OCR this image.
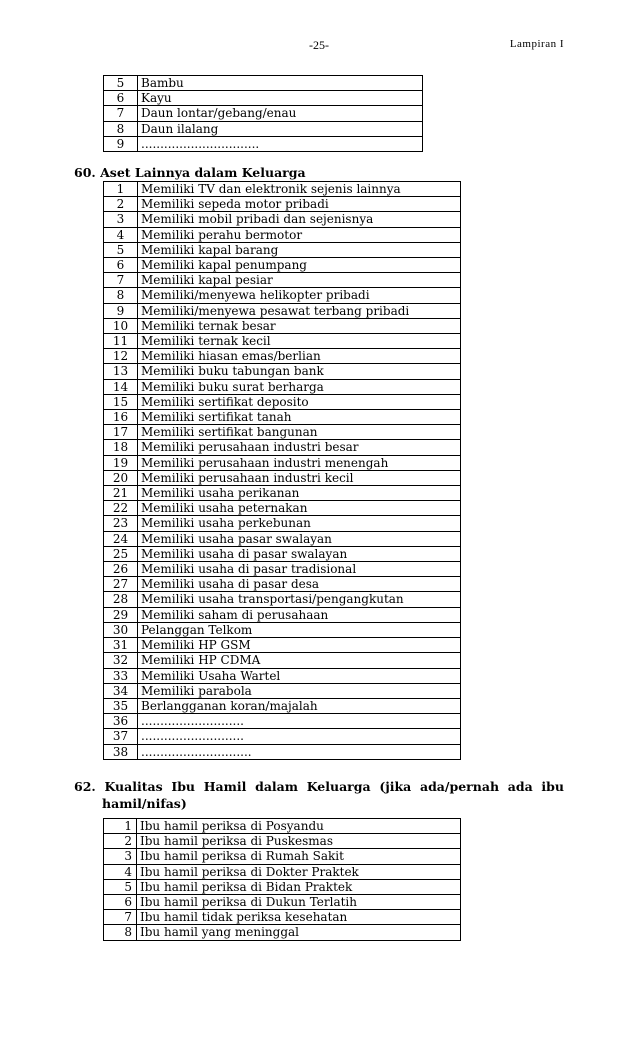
-25-	Lampiran I
5	Bambu
6	Kayu
7	Daun lontar/gebang/enau
8	Daun ilalang
9	...............................
60. Aset Lainnya dalam Keluarga
1	Memiliki TV dan elektronik sejenis lainnya
2	Memiliki sepeda motor pribadi
3	Memiliki mobil pribadi dan sejenisnya
4	Memiliki perahu bermotor
5	Memiliki kapal barang
6	Memiliki kapal penumpang
7	Memiliki kapal pesiar
8	Memiliki/menyewa helikopter pribadi
9	Memiliki/menyewa pesawat terbang pribadi
10	Memiliki ternak besar
11	Memiliki ternak kecil
12	Memiliki hiasan emas/berlian
13	Memiliki buku tabungan bank
14	Memiliki buku surat berharga
15	Memiliki sertifikat deposito
16	Memiliki sertifikat tanah
17	Memiliki sertifikat bangunan
18	Memiliki perusahaan industri besar
19	Memiliki perusahaan industri menengah
20	Memiliki perusahaan industri kecil
21	Memiliki usaha perikanan
22	Memiliki usaha peternakan
23	Memiliki usaha perkebunan
24	Memiliki usaha pasar swalayan
25	Memiliki usaha di pasar swalayan
26	Memiliki usaha di pasar tradisional
27	Memiliki usaha di pasar desa
28	Memiliki usaha transportasi/pengangkutan
29	Memiliki saham di perusahaan
30	Pelanggan Telkom
31	Memiliki HP GSM
32	Memiliki HP CDMA
33	Memiliki Usaha Wartel
34	Memiliki parabola
35	Berlangganan koran/majalah
36	...........................
37	...........................
38	.............................
62. Kualitas Ibu Hamil dalam Keluarga (jika ada/pernah ada ibu
hamil/nifas)
1	Ibu hamil periksa di Posyandu
2	Ibu hamil periksa di Puskesmas
3	Ibu hamil periksa di Rumah Sakit
4	Ibu hamil periksa di Dokter Praktek
5	Ibu hamil periksa di Bidan Praktek
6	Ibu hamil periksa di Dukun Terlatih
7	Ibu hamil tidak periksa kesehatan
8	Ibu hamil yang meninggal
